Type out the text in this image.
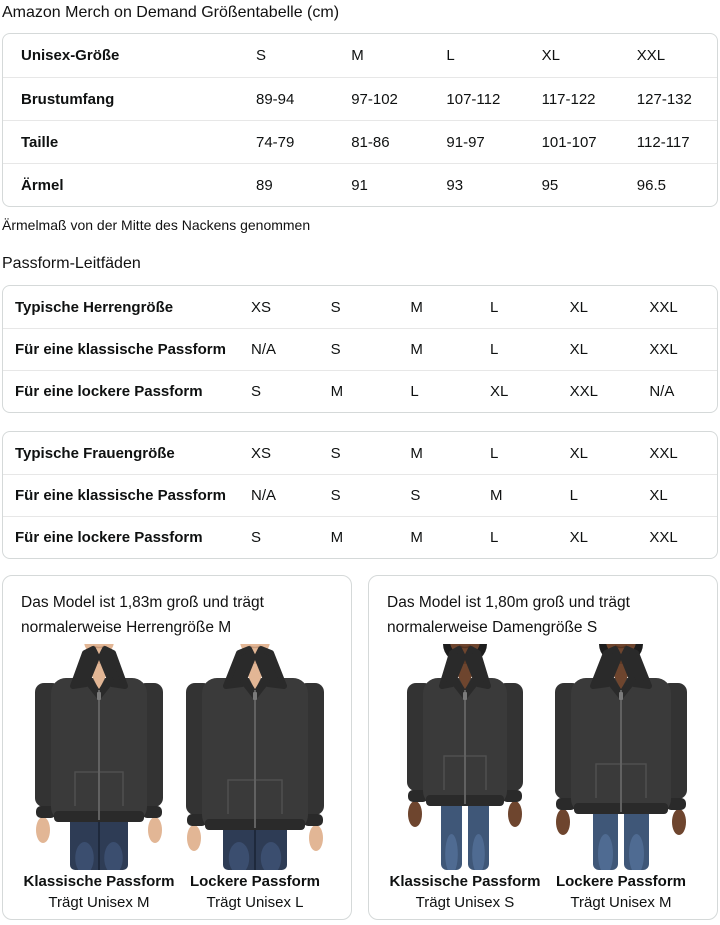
Amazon Merch on Demand Größentabelle (cm)
Unisex-Größe	S	M	L	XL	XXL
Brustumfang	89-94	97-102	107-112	117-122	127-132
Taille	74-79	81-86	91-97	101-107	112-117
Ärmel	89	91	93	95	96.5

Ärmelmaß von der Mitte des Nackens genommen

Passform-Leitfäden
Typische Herrengröße	XS	S	M	L	XL	XXL
Für eine klassische Passform	N/A	S	M	L	XL	XXL
Für eine lockere Passform	S	M	L	XL	XXL	N/A
Typische Frauengröße	XS	S	M	L	XL	XXL
Für eine klassische Passform	N/A	S	S	M	L	XL
Für eine lockere Passform	S	M	M	L	XL	XXL

Das Model ist 1,83m groß und trägt normalerweise Herrengröße M

Klassische Passform
Trägt Unisex M
Lockere Passform
Trägt Unisex L

Das Model ist 1,80m groß und trägt normalerweise Damengröße S

Klassische Passform
Trägt Unisex S
Lockere Passform
Trägt Unisex M
